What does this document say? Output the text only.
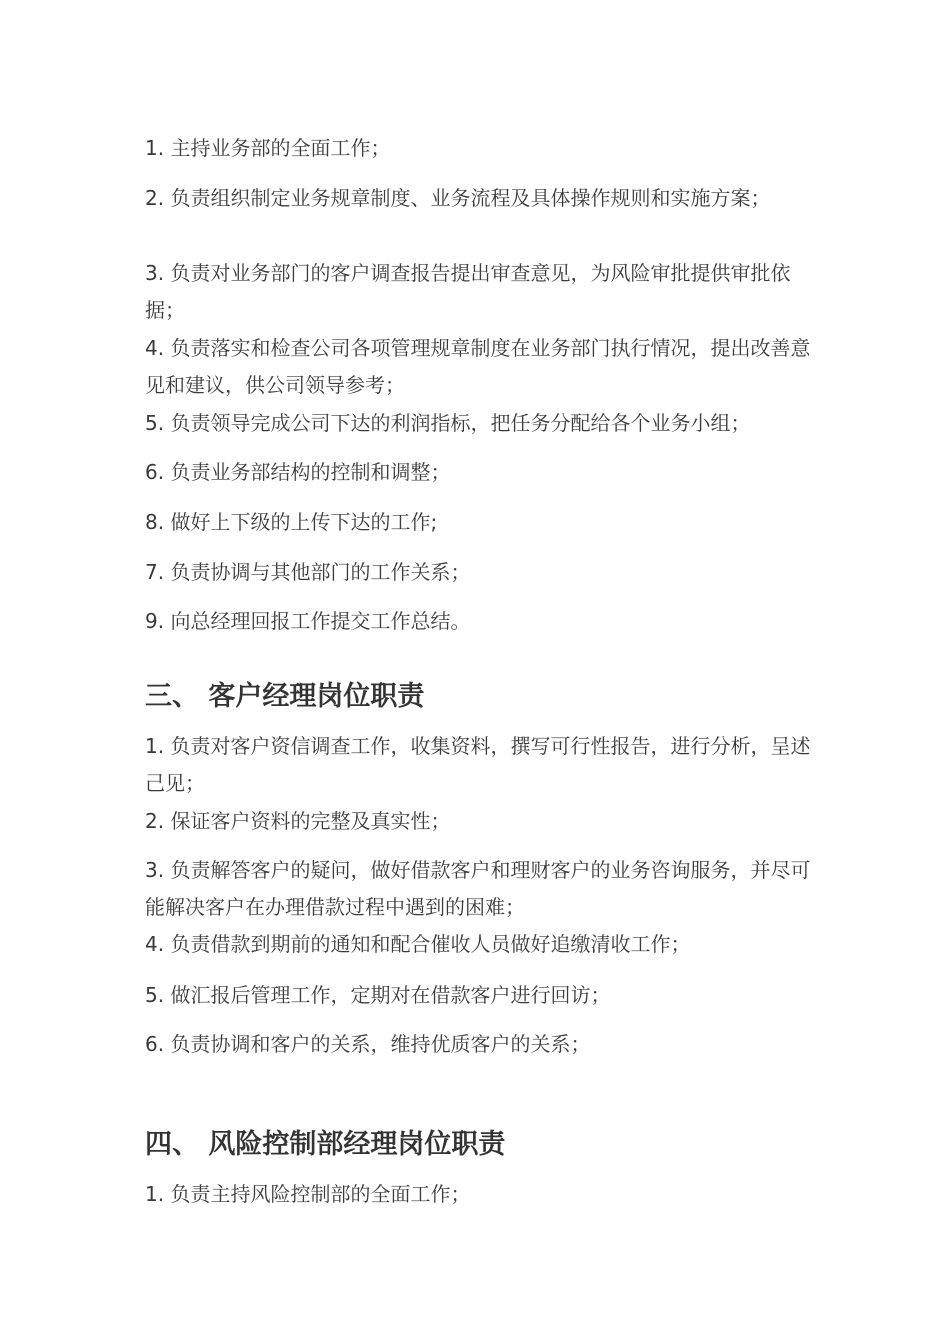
1. 主持业务部的全面工作；

2. 负责组织制定业务规章制度、业务流程及具体操作规则和实施方案；

3. 负责对业务部门的客户调查报告提出审查意见，为风险审批提供审批依据；

4. 负责落实和检查公司各项管理规章制度在业务部门执行情况，提出改善意见和建议，供公司领导参考；

5. 负责领导完成公司下达的利润指标，把任务分配给各个业务小组；

6. 负责业务部结构的控制和调整；

8. 做好上下级的上传下达的工作;

7. 负责协调与其他部门的工作关系；

9. 向总经理回报工作提交工作总结。

三、 客户经理岗位职责

1. 负责对客户资信调查工作，收集资料，撰写可行性报告，进行分析，呈述己见；

2. 保证客户资料的完整及真实性；

3. 负责解答客户的疑问，做好借款客户和理财客户的业务咨询服务，并尽可能解决客户在办理借款过程中遇到的困难；

4. 负责借款到期前的通知和配合催收人员做好追缴清收工作；

5. 做汇报后管理工作，定期对在借款客户进行回访；

6. 负责协调和客户的关系，维持优质客户的关系；

四、 风险控制部经理岗位职责

1. 负责主持风险控制部的全面工作；
